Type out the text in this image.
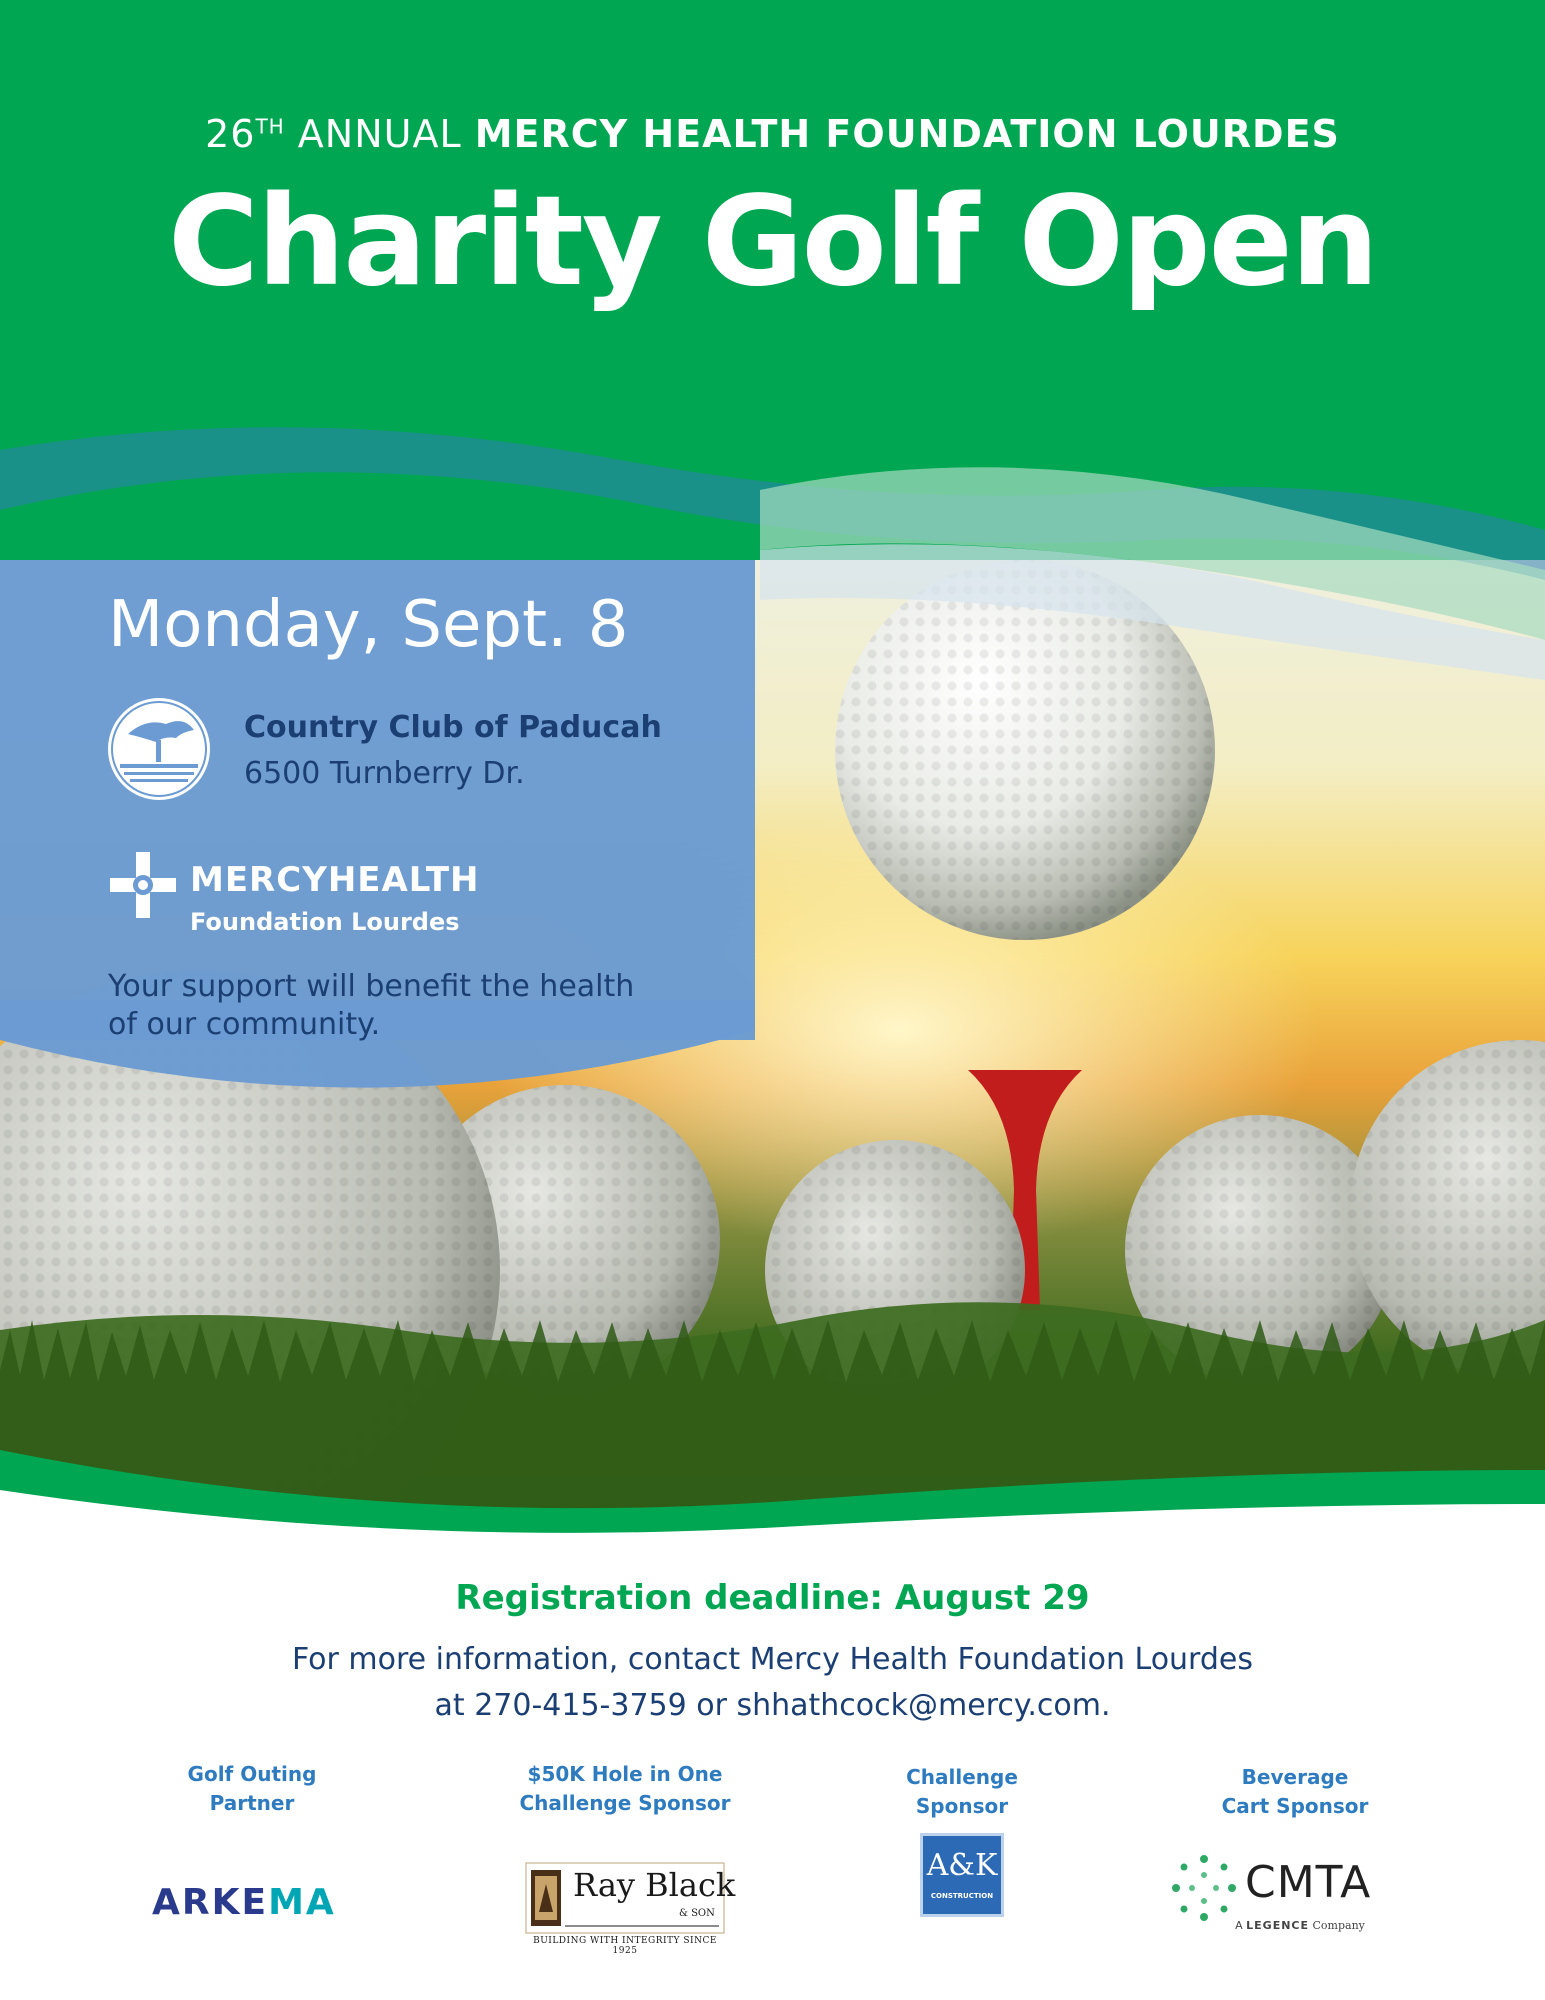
26TH ANNUAL MERCY HEALTH FOUNDATION LOURDES
Charity Golf Open
Monday, Sept. 8
Country Club of Paducah
6500 Turnberry Dr.
MERCYHEALTH
Foundation Lourdes
Your support will benefit the health of our community.
Registration deadline: August 29
For more information, contact Mercy Health Foundation Lourdes
at 270-415-3759 or shhathcock@mercy.com.
Golf Outing
Partner
ARKEMA
$50K Hole in One
Challenge Sponsor
Ray Black
& SON
BUILDING WITH INTEGRITY SINCE 1925
Challenge
Sponsor
A&K
CONSTRUCTION
Beverage
Cart Sponsor
CMTA
A LEGENCE Company
